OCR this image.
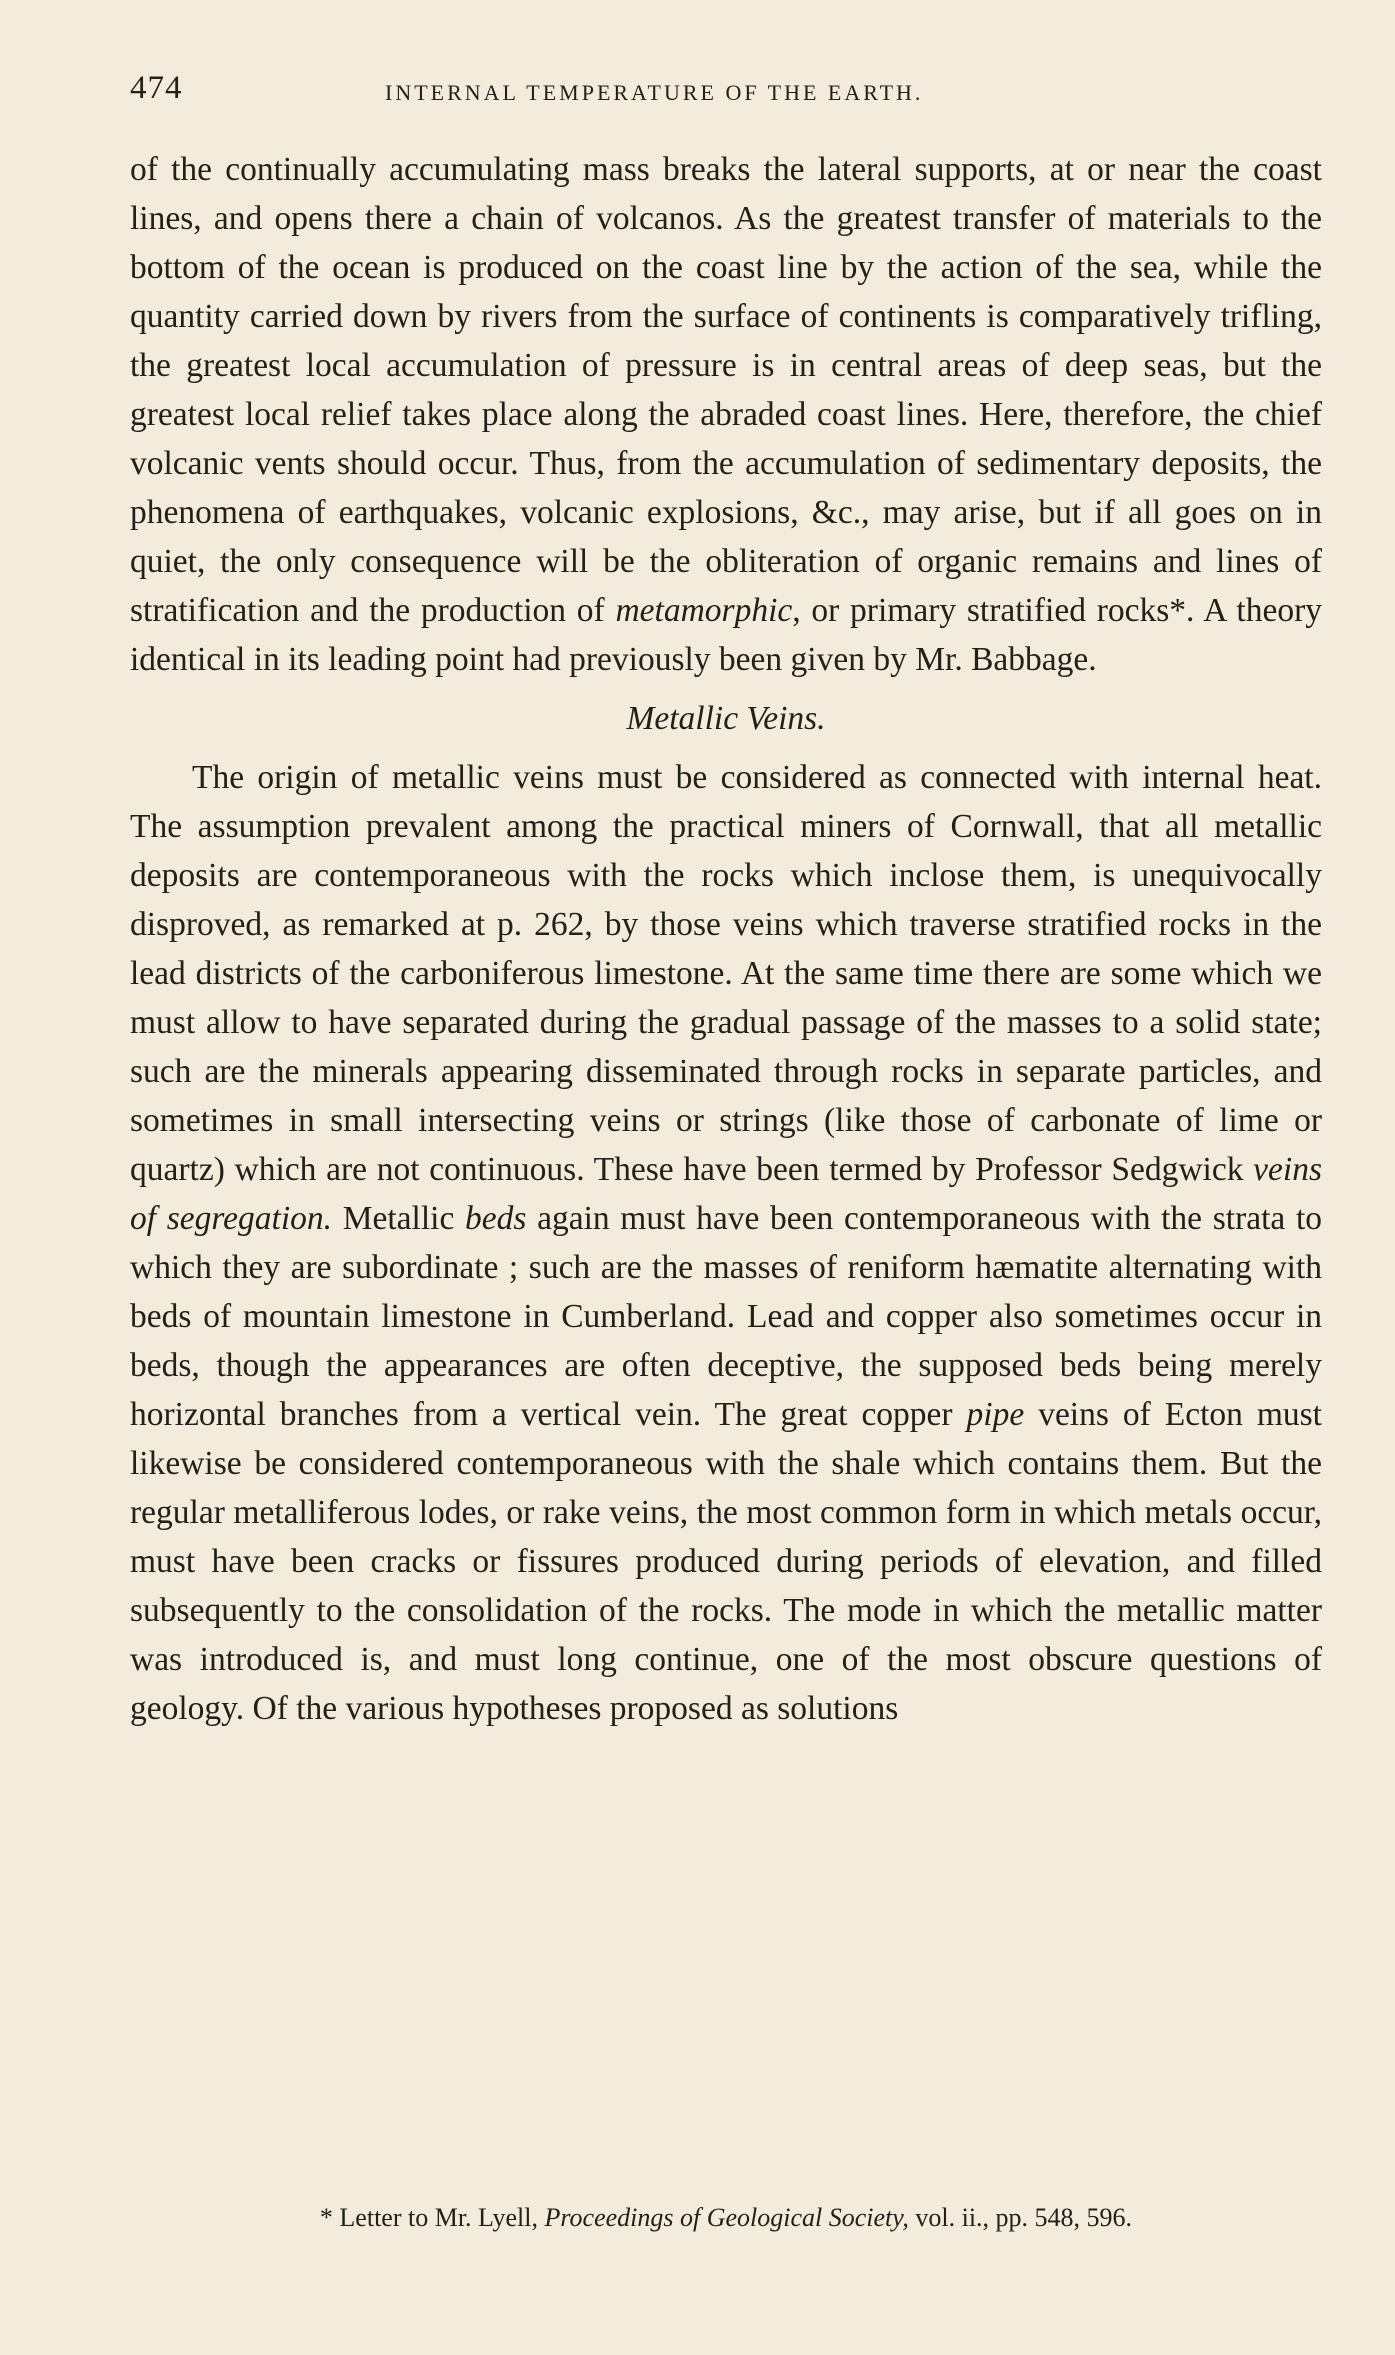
474	INTERNAL TEMPERATURE OF THE EARTH.

of the continually accumulating mass breaks the lateral supports, at or near the coast lines, and opens there a chain of volcanos. As the greatest transfer of materials to the bottom of the ocean is produced on the coast line by the action of the sea, while the quantity carried down by rivers from the surface of continents is comparatively trifling, the greatest local accumulation of pressure is in central areas of deep seas, but the greatest local relief takes place along the abraded coast lines. Here, therefore, the chief volcanic vents should occur. Thus, from the accumulation of sedimentary deposits, the phenomena of earthquakes, volcanic explosions, &c., may arise, but if all goes on in quiet, the only consequence will be the obliteration of organic remains and lines of stratification and the production of metamorphic, or primary stratified rocks*. A theory identical in its leading point had previously been given by Mr. Babbage.

Metallic Veins.

The origin of metallic veins must be considered as connected with internal heat. The assumption prevalent among the practical miners of Cornwall, that all metallic deposits are contemporaneous with the rocks which inclose them, is unequivocally disproved, as remarked at p. 262, by those veins which traverse stratified rocks in the lead districts of the carboniferous limestone. At the same time there are some which we must allow to have separated during the gradual passage of the masses to a solid state; such are the minerals appearing disseminated through rocks in separate particles, and sometimes in small intersecting veins or strings (like those of carbonate of lime or quartz) which are not continuous. These have been termed by Professor Sedgwick veins of segregation. Metallic beds again must have been contemporaneous with the strata to which they are subordinate ; such are the masses of reniform hæmatite alternating with beds of mountain limestone in Cumberland. Lead and copper also sometimes occur in beds, though the appearances are often deceptive, the supposed beds being merely horizontal branches from a vertical vein. The great copper pipe veins of Ecton must likewise be considered contemporaneous with the shale which contains them. But the regular metalliferous lodes, or rake veins, the most common form in which metals occur, must have been cracks or fissures produced during periods of elevation, and filled subsequently to the consolidation of the rocks. The mode in which the metallic matter was introduced is, and must long continue, one of the most obscure questions of geology. Of the various hypotheses proposed as solutions

* Letter to Mr. Lyell, Proceedings of Geological Society, vol. ii., pp. 548, 596.
